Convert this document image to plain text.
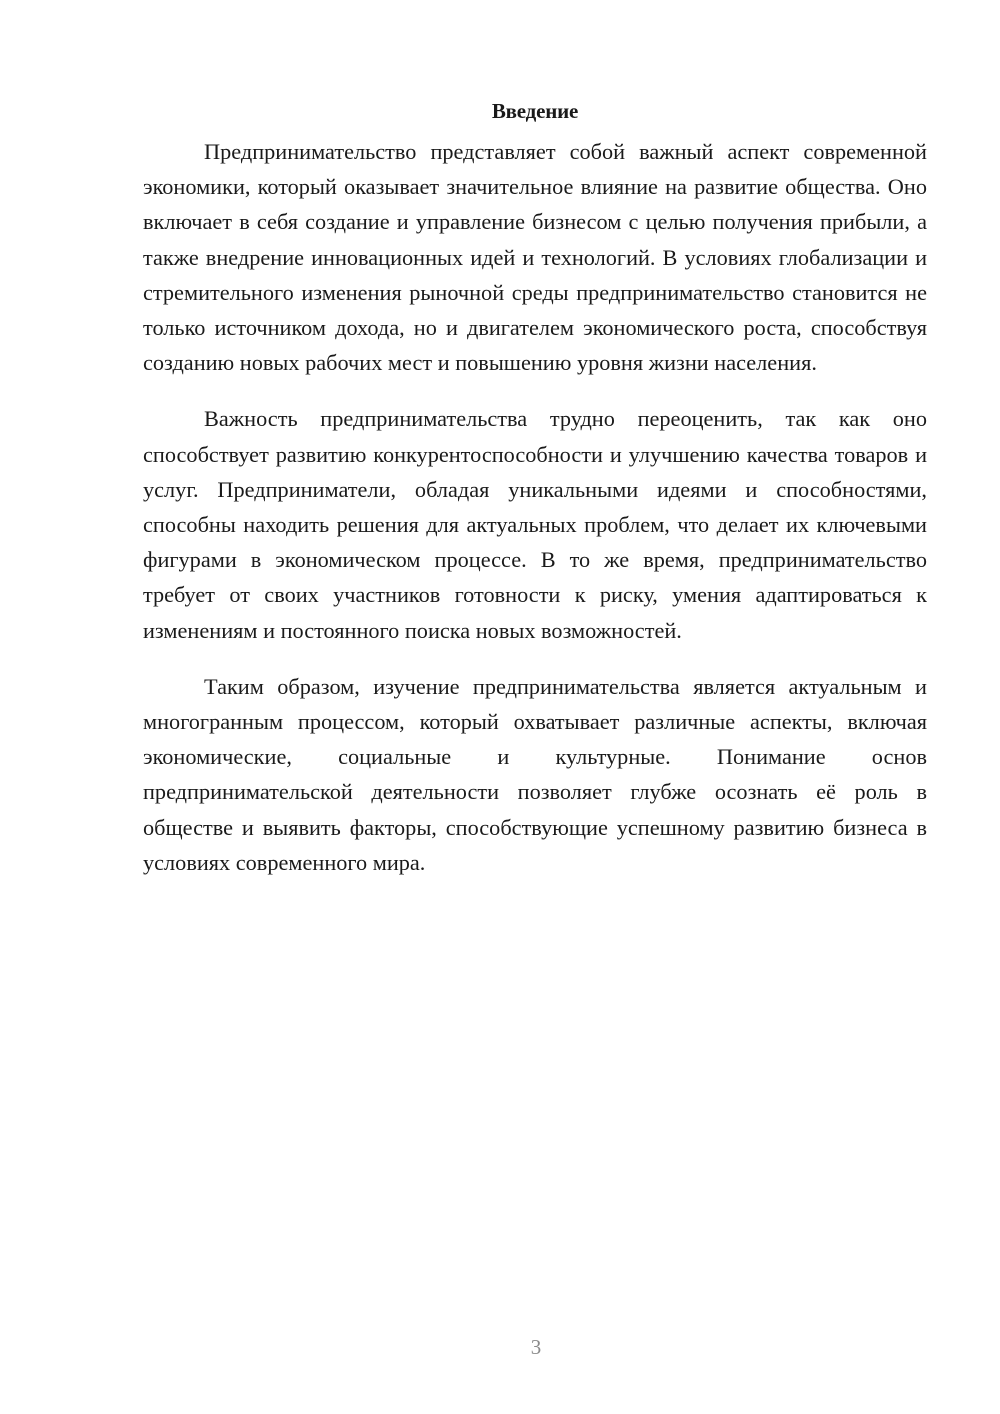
Введение

Предпринимательство представляет собой важный аспект современной экономики, который оказывает значительное влияние на развитие общества. Оно включает в себя создание и управление бизнесом с целью получения прибыли, а также внедрение инновационных идей и технологий. В условиях глобализации и стремительного изменения рыночной среды предпринимательство становится не только источником дохода, но и двигателем экономического роста, способствуя созданию новых рабочих мест и повышению уровня жизни населения.

Важность предпринимательства трудно переоценить, так как оно способствует развитию конкурентоспособности и улучшению качества товаров и услуг. Предприниматели, обладая уникальными идеями и способностями, способны находить решения для актуальных проблем, что делает их ключевыми фигурами в экономическом процессе. В то же время, предпринимательство требует от своих участников готовности к риску, умения адаптироваться к изменениям и постоянного поиска новых возможностей.

Таким образом, изучение предпринимательства является актуальным и многогранным процессом, который охватывает различные аспекты, включая экономические, социальные и культурные. Понимание основ предпринимательской деятельности позволяет глубже осознать её роль в обществе и выявить факторы, способствующие успешному развитию бизнеса в условиях современного мира.

3
